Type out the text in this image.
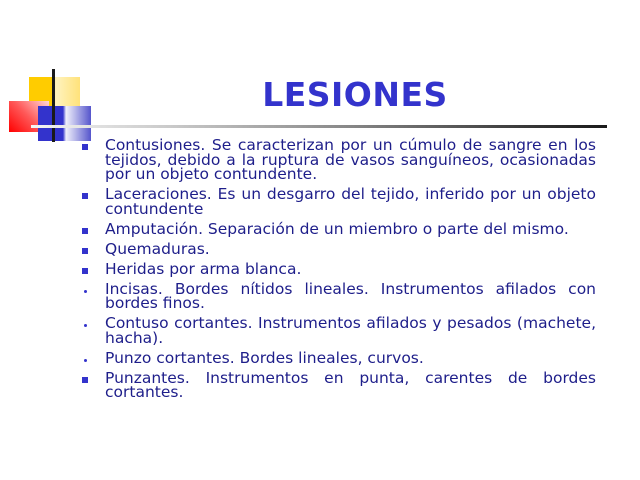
LESIONES
Contusiones. Se caracterizan por un cúmulo de sangre en los tejidos, debido a la ruptura de vasos sanguíneos, ocasionadas por un objeto contundente.
Laceraciones. Es un desgarro del tejido, inferido por un objeto contundente
Amputación. Separación de un miembro o parte del mismo.
Quemaduras.
Heridas por arma blanca.
Incisas. Bordes nítidos lineales. Instrumentos afilados con bordes finos.
Contuso cortantes. Instrumentos afilados y pesados (machete, hacha).
Punzo cortantes. Bordes lineales, curvos.
Punzantes. Instrumentos en punta, carentes de bordes cortantes.
